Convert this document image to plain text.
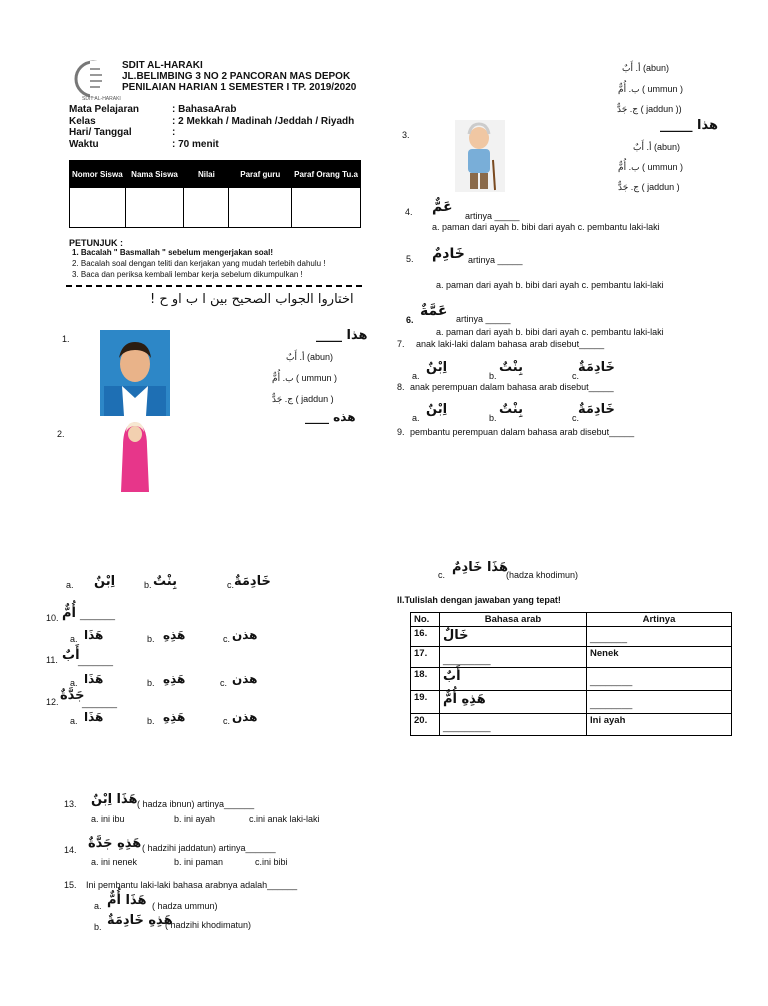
SDIT AL-HARAKI
SDIT AL-HARAKI
JL.BELIMBING 3 NO 2 PANCORAN MAS DEPOK
PENILAIAN HARIAN 1 SEMESTER I TP. 2019/2020
Mata Pelajaran	: BahasaArab
Kelas	: 2 Mekkah / Madinah /Jeddah / Riyadh
Hari/ Tanggal	:
Waktu	: 70 menit
Nomor Siswa	Nama Siswa	Nilai	Paraf guru	Paraf Orang Tu.a

PETUNJUK :
1. Bacalah " Basmallah " sebelum mengerjakan soal!
2. Bacalah soal dengan teliti dan kerjakan yang mudah terlebih dahulu !
3. Baca dan periksa kembali lembar kerja sebelum dikumpulkan !
اختاروا الجواب الصحيح بين ا ب او ح !
1.	هذا ____
أ. أَبٌ (abun)
ب. أُمٌّ ( ummun )
ج. جَدٌّ ( jaddun )
هذه ____
2.
a. اِبْنٌ	b. بِنْتٌ	c. خَادِمَةٌ
10. أُمٌّ _______
a. هَذَا	b. هَذِهِ	c. هذن
11. أَبٌ
_______
a. هَذَا	b. هَذِهِ	c. هذن
12. جَدَّةٌ
_______
a. هَذَا	b. هَذِهِ	c. هذن
13. هَذَا اِبْنٌ ( hadza ibnun) artinya______
a. ini ibu	b. ini ayah	c.ini anak laki-laki
14. هَذِهِ جَدَّةٌ ( hadzihi jaddatun) artinya______
a. ini nenek	b. ini paman	c.ini bibi
15. Ini pembantu laki-laki bahasa arabnya adalah______
a. هَذَا أُمٌّ ( hadza ummun)
b. هَذِهِ خَادِمَةٌ
( hadzihi khodimatun)
أ. أَبٌ (abun)
ب. أُمٌّ ( ummun )
ج. جَدٌّ ( jaddun ))
3.
هذا _____
أ. أَبٌ (abun)
ب. أُمٌّ ( ummun )
ج. جَدٌّ ( jaddun )
4. عَمٌّ
artinya _____
a. paman dari ayah b. bibi dari ayah c. pembantu laki-laki
5. خَادِمٌ artinya _____
a. paman dari ayah b. bibi dari ayah c. pembantu laki-laki
6.
عَمَّةٌ artinya _____
a. paman dari ayah b. bibi dari ayah c. pembantu laki-laki
7. anak laki-laki dalam bahasa arab disebut_____
a.
اِبْنٌ
b.
بِنْتٌ
c.
خَادِمَةٌ
8. anak perempuan dalam bahasa arab disebut_____
a.
اِبْنٌ
b.
بِنْتٌ
c.
خَادِمَةٌ
9. pembantu perempuan dalam bahasa arab disebut_____
c. هَذَا خَادِمٌ
(hadza khodimun)
II.Tulislah dengan jawaban yang tepat!
No.	Bahasa arab	Artinya
16.	خَالٌ	_______
17.	_________	Nenek
18.	أَبٌ	________
19.	هَذِهِ أُمٌّ	________
20.	_________	Ini ayah
